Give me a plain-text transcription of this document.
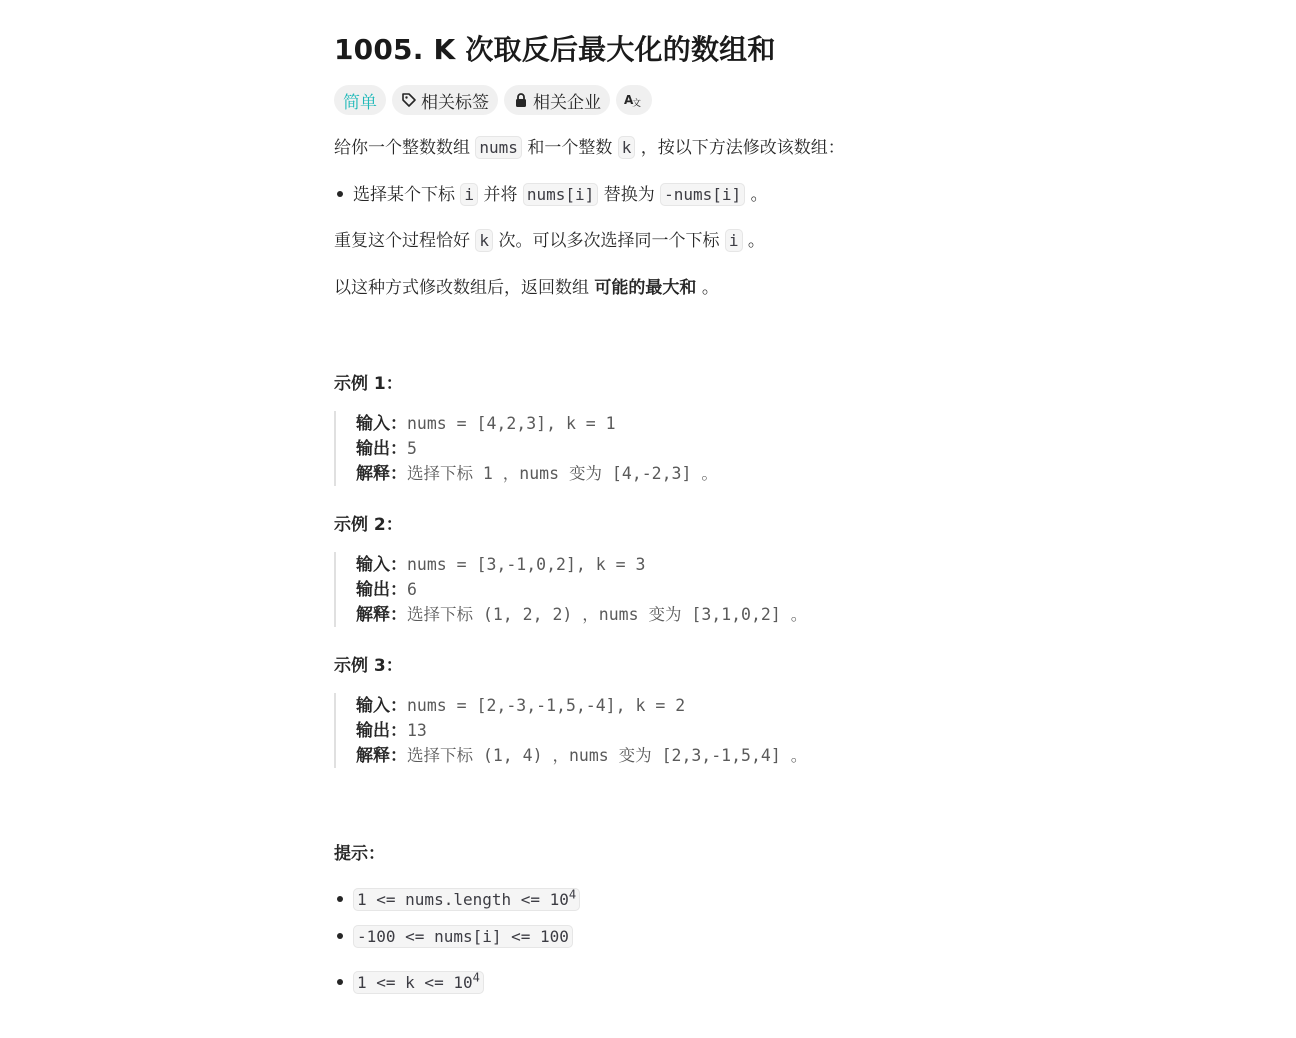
1005. K 次取反后最大化的数组和
简单	相关标签	相关企业 A
文
给你一个整数数组 nums 和一个整数 k ，按以下方法修改该数组：
选择某个下标 i 并将 nums[i] 替换为 -nums[i] 。
重复这个过程恰好 k 次。可以多次选择同一个下标 i 。
以这种方式修改数组后，返回数组 可能的最大和 。
示例 1：
输入：nums = [4,2,3], k = 1
输出：5
解释：选择下标 1 ，nums 变为 [4,-2,3] 。
示例 2：
输入：nums = [3,-1,0,2], k = 3
输出：6
解释：选择下标 (1, 2, 2) ，nums 变为 [3,1,0,2] 。
示例 3：
输入：nums = [2,-3,-1,5,-4], k = 2
输出：13
解释：选择下标 (1, 4) ，nums 变为 [2,3,-1,5,4] 。
提示：
1 <= nums.length <= $10^4$
-100 <= nums[i] <= 100
$1 <= k <= 10^4$
